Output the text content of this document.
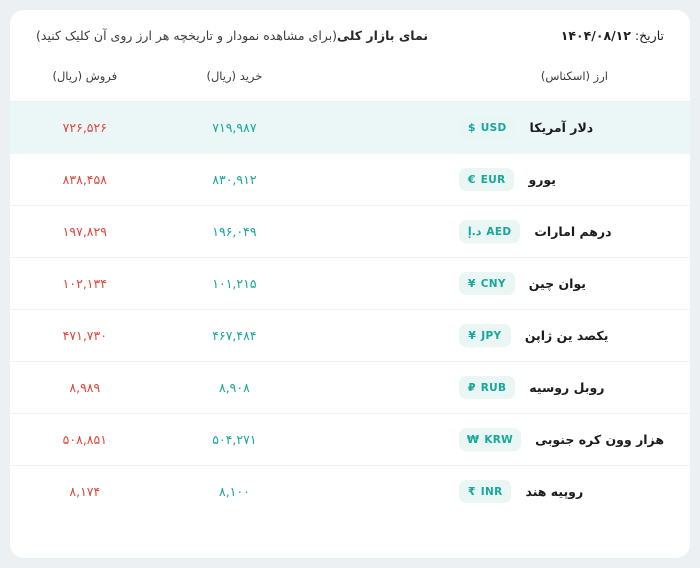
نمای بازار کلی(برای مشاهده نمودار و تاریخچه هر ارز روی آن کلیک کنید)	تاریخ: ۱۴۰۴/۰۸/۱۲
ارز (اسکناس)		خرید (ریال)	فروش (ریال)

دلار آمریکا
$ USD		۷۱۹,۹۸۷	۷۲۶,۵۲۶

یورو
€ EUR		۸۳۰,۹۱۲	۸۳۸,۴۵۸

درهم امارات
د.إ AED		۱۹۶,۰۴۹	۱۹۷,۸۲۹

یوان چین
¥ CNY		۱۰۱,۲۱۵	۱۰۲,۱۳۴

یکصد ین ژاپن
¥ JPY		۴۶۷,۴۸۴	۴۷۱,۷۳۰

روبل روسیه
₽ RUB		۸,۹۰۸	۸,۹۸۹

هزار وون کره جنوبی
₩ KRW		۵۰۴,۲۷۱	۵۰۸,۸۵۱

روپیه هند
₹ INR		۸,۱۰۰	۸,۱۷۴
